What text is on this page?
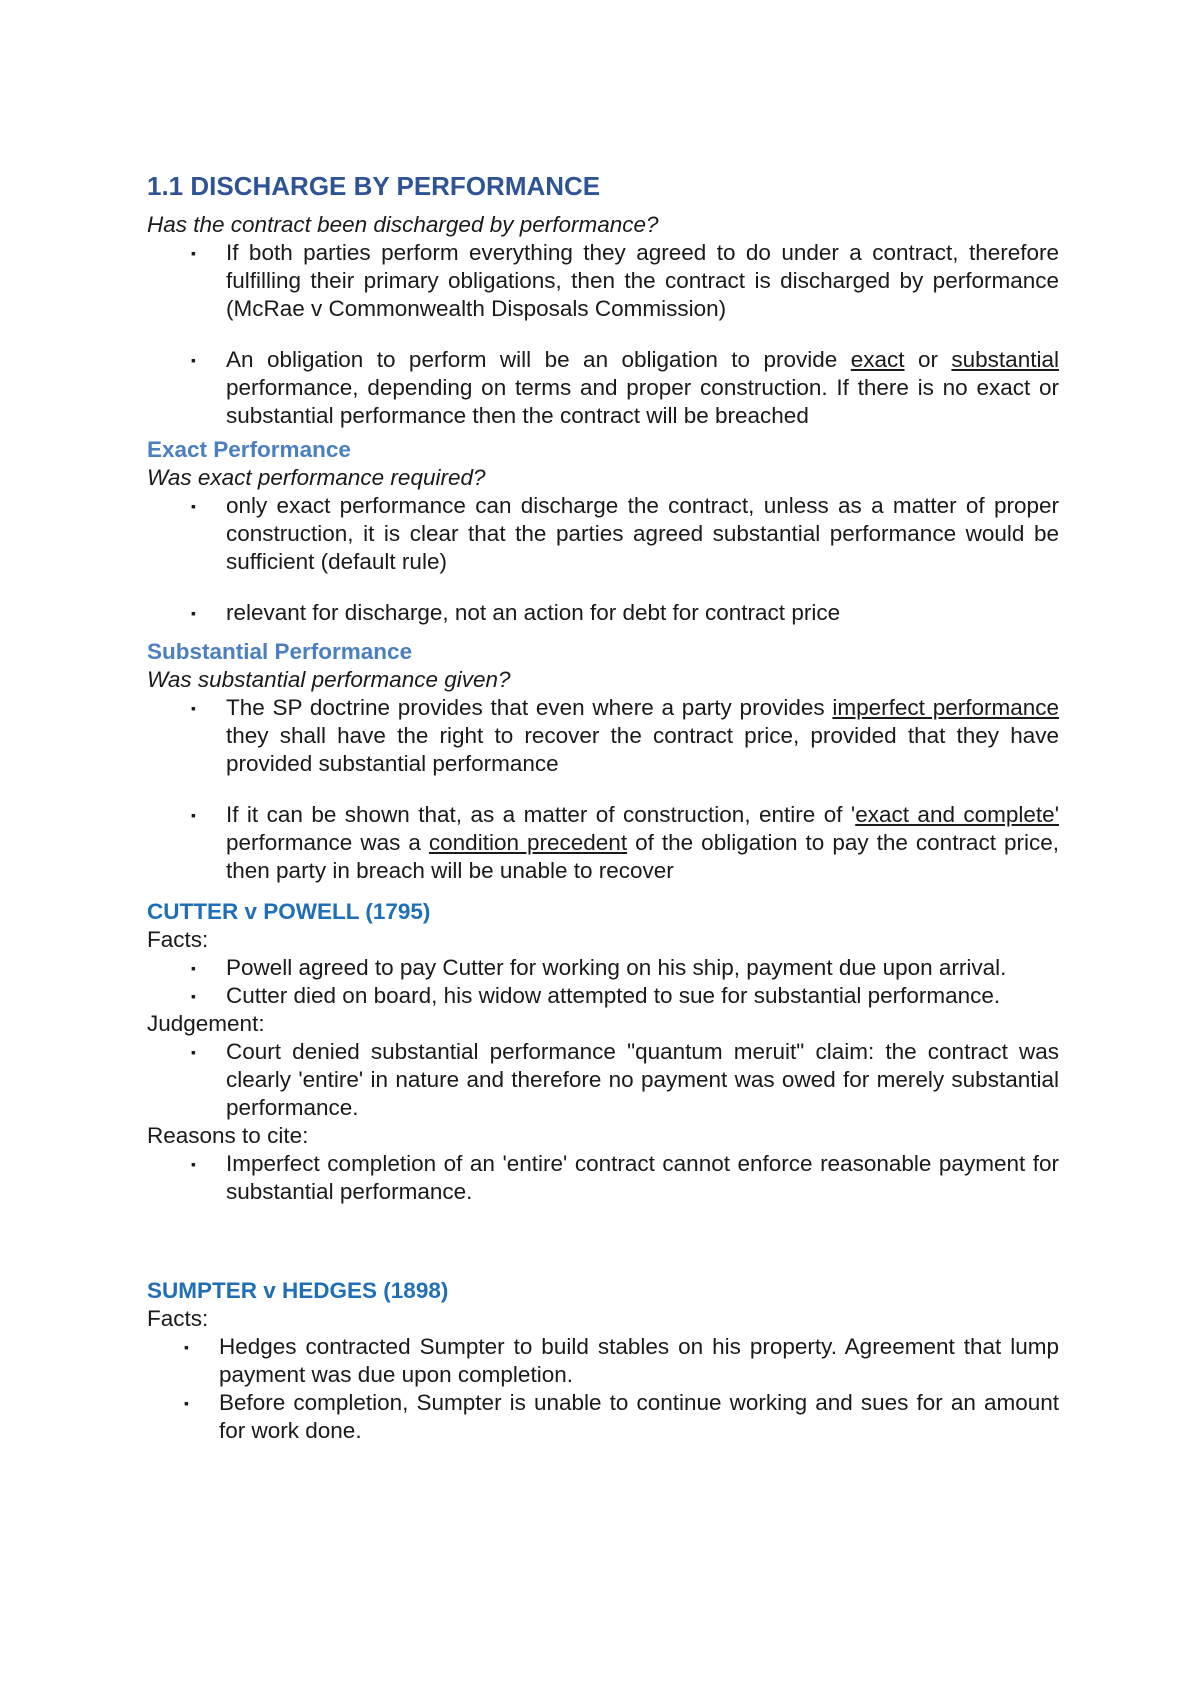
1.1 DISCHARGE BY PERFORMANCE
Has the contract been discharged by performance?
▪ If both parties perform everything they agreed to do under a contract, therefore fulfilling their primary obligations, then the contract is discharged by performance (McRae v Commonwealth Disposals Commission)
▪ An obligation to perform will be an obligation to provide exact or substantial performance, depending on terms and proper construction. If there is no exact or substantial performance then the contract will be breached
Exact Performance
Was exact performance required?
▪ only exact performance can discharge the contract, unless as a matter of proper construction, it is clear that the parties agreed substantial performance would be sufficient (default rule)
▪ relevant for discharge, not an action for debt for contract price
Substantial Performance
Was substantial performance given?
▪ The SP doctrine provides that even where a party provides imperfect performance they shall have the right to recover the contract price, provided that they have provided substantial performance
▪ If it can be shown that, as a matter of construction, entire of 'exact and complete' performance was a condition precedent of the obligation to pay the contract price, then party in breach will be unable to recover
CUTTER v POWELL (1795)
Facts:
▪ Powell agreed to pay Cutter for working on his ship, payment due upon arrival.
▪ Cutter died on board, his widow attempted to sue for substantial performance.
Judgement:
▪ Court denied substantial performance "quantum meruit" claim: the contract was clearly 'entire' in nature and therefore no payment was owed for merely substantial performance.
Reasons to cite:
▪ Imperfect completion of an 'entire' contract cannot enforce reasonable payment for substantial performance.
SUMPTER v HEDGES (1898)
Facts:
▪ Hedges contracted Sumpter to build stables on his property. Agreement that lump payment was due upon completion.
▪ Before completion, Sumpter is unable to continue working and sues for an amount for work done.
